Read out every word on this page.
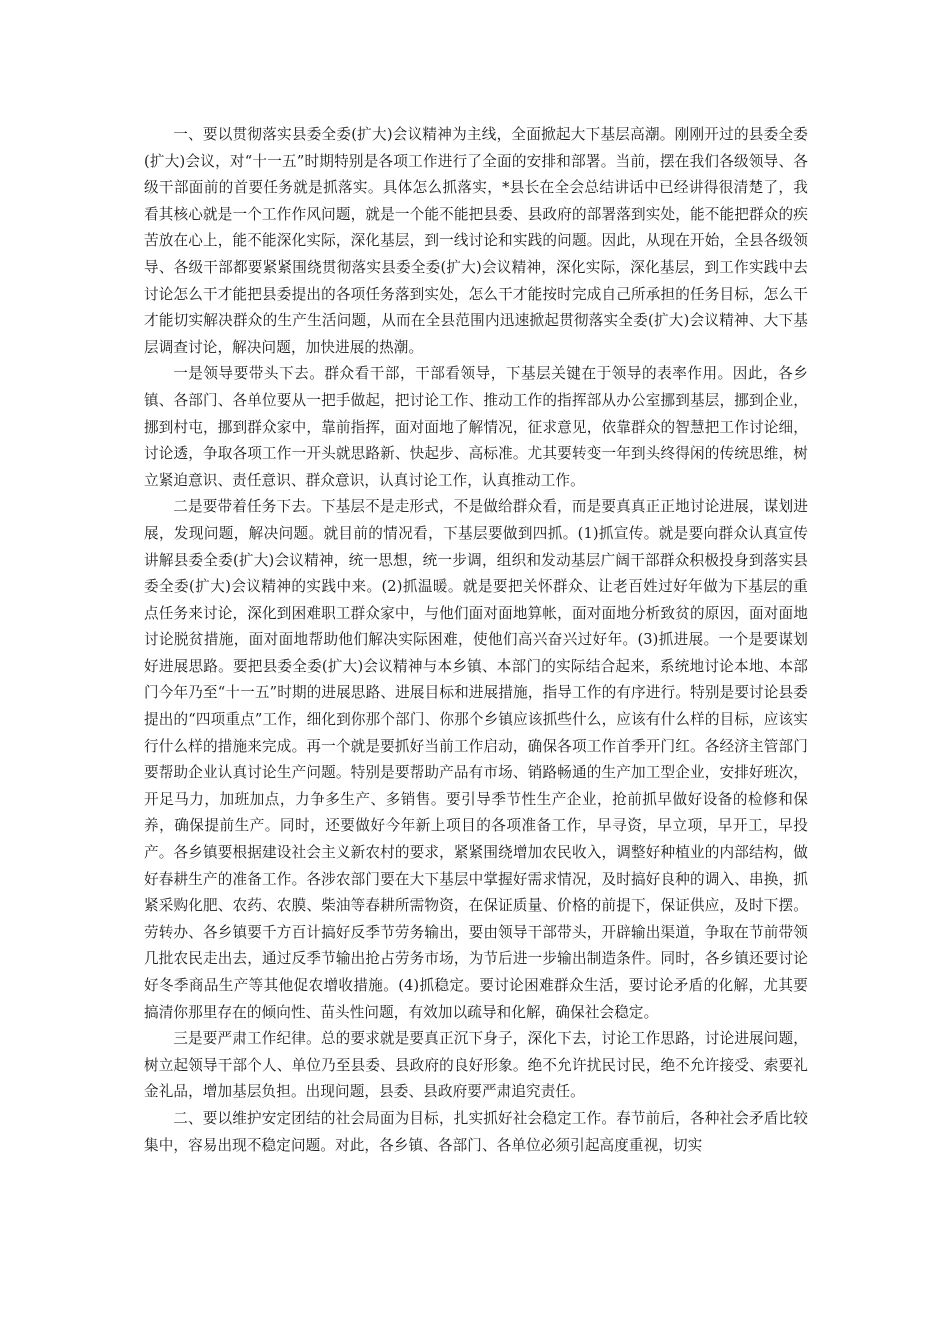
一、要以贯彻落实县委全委(扩大)会议精神为主线，全面掀起大下基层高潮。刚刚开过的县委全委(扩大)会议，对“十一五”时期特别是各项工作进行了全面的安排和部署。当前，摆在我们各级领导、各级干部面前的首要任务就是抓落实。具体怎么抓落实，*县长在全会总结讲话中已经讲得很清楚了，我看其核心就是一个工作作风问题，就是一个能不能把县委、县政府的部署落到实处，能不能把群众的疾苦放在心上，能不能深化实际，深化基层，到一线讨论和实践的问题。因此，从现在开始，全县各级领导、各级干部都要紧紧围绕贯彻落实县委全委(扩大)会议精神，深化实际，深化基层，到工作实践中去讨论怎么干才能把县委提出的各项任务落到实处，怎么干才能按时完成自己所承担的任务目标，怎么干才能切实解决群众的生产生活问题，从而在全县范围内迅速掀起贯彻落实全委(扩大)会议精神、大下基层调查讨论，解决问题，加快进展的热潮。

一是领导要带头下去。群众看干部，干部看领导，下基层关键在于领导的表率作用。因此，各乡镇、各部门、各单位要从一把手做起，把讨论工作、推动工作的指挥部从办公室挪到基层，挪到企业，挪到村屯，挪到群众家中，靠前指挥，面对面地了解情况，征求意见，依靠群众的智慧把工作讨论细，讨论透，争取各项工作一开头就思路新、快起步、高标准。尤其要转变一年到头终得闲的传统思维，树立紧迫意识、责任意识、群众意识，认真讨论工作，认真推动工作。

二是要带着任务下去。下基层不是走形式，不是做给群众看，而是要真真正正地讨论进展，谋划进展，发现问题，解决问题。就目前的情况看，下基层要做到四抓。(1)抓宣传。就是要向群众认真宣传讲解县委全委(扩大)会议精神，统一思想，统一步调，组织和发动基层广阔干部群众积极投身到落实县委全委(扩大)会议精神的实践中来。(2)抓温暖。就是要把关怀群众、让老百姓过好年做为下基层的重点任务来讨论，深化到困难职工群众家中，与他们面对面地算帐，面对面地分析致贫的原因，面对面地讨论脱贫措施，面对面地帮助他们解决实际困难，使他们高兴奋兴过好年。(3)抓进展。一个是要谋划好进展思路。要把县委全委(扩大)会议精神与本乡镇、本部门的实际结合起来，系统地讨论本地、本部门今年乃至“十一五”时期的进展思路、进展目标和进展措施，指导工作的有序进行。特别是要讨论县委提出的“四项重点”工作，细化到你那个部门、你那个乡镇应该抓些什么，应该有什么样的目标，应该实行什么样的措施来完成。再一个就是要抓好当前工作启动，确保各项工作首季开门红。各经济主管部门要帮助企业认真讨论生产问题。特别是要帮助产品有市场、销路畅通的生产加工型企业，安排好班次，开足马力，加班加点，力争多生产、多销售。要引导季节性生产企业，抢前抓早做好设备的检修和保养，确保提前生产。同时，还要做好今年新上项目的各项准备工作，早寻资，早立项，早开工，早投产。各乡镇要根据建设社会主义新农村的要求，紧紧围绕增加农民收入，调整好种植业的内部结构，做好春耕生产的准备工作。各涉农部门要在大下基层中掌握好需求情况，及时搞好良种的调入、串换，抓紧采购化肥、农药、农膜、柴油等春耕所需物资，在保证质量、价格的前提下，保证供应，及时下摆。劳转办、各乡镇要千方百计搞好反季节劳务输出，要由领导干部带头，开辟输出渠道，争取在节前带领几批农民走出去，通过反季节输出抢占劳务市场，为节后进一步输出制造条件。同时，各乡镇还要讨论好冬季商品生产等其他促农增收措施。(4)抓稳定。要讨论困难群众生活，要讨论矛盾的化解，尤其要搞清你那里存在的倾向性、苗头性问题，有效加以疏导和化解，确保社会稳定。

三是要严肃工作纪律。总的要求就是要真正沉下身子，深化下去，讨论工作思路，讨论进展问题，树立起领导干部个人、单位乃至县委、县政府的良好形象。绝不允许扰民讨民，绝不允许接受、索要礼金礼品，增加基层负担。出现问题，县委、县政府要严肃追究责任。

二、要以维护安定团结的社会局面为目标，扎实抓好社会稳定工作。春节前后，各种社会矛盾比较集中，容易出现不稳定问题。对此，各乡镇、各部门、各单位必须引起高度重视，切实
